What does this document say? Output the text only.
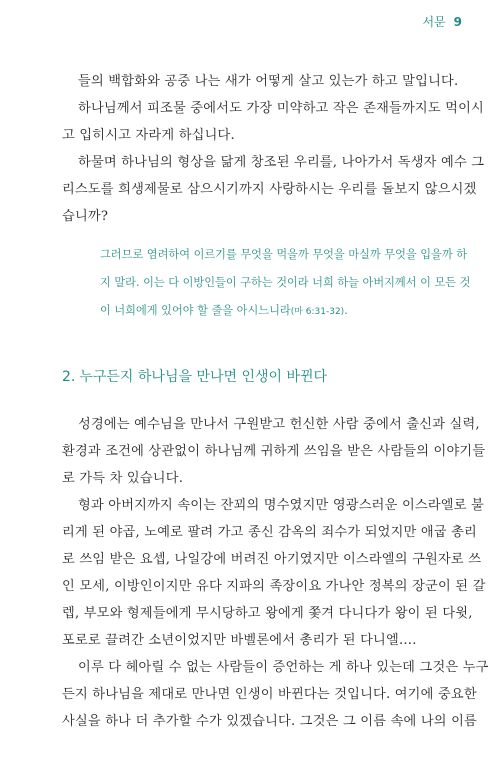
서문 9

들의 백합화와 공중 나는 새가 어떻게 살고 있는가 하고 말입니다.
하나님께서 피조물 중에서도 가장 미약하고 작은 존재들까지도 먹이시
고 입히시고 자라게 하십니다.
하물며 하나님의 형상을 닮게 창조된 우리를, 나아가서 독생자 예수 그
리스도를 희생제물로 삼으시기까지 사랑하시는 우리를 돌보지 않으시겠
습니까?

그러므로 염려하여 이르기를 무엇을 먹을까 무엇을 마실까 무엇을 입을까 하
지 말라. 이는 다 이방인들이 구하는 것이라 너희 하늘 아버지께서 이 모든 것
이 너희에게 있어야 할 줄을 아시느니라(마 6:31-32).

2. 누구든지 하나님을 만나면 인생이 바뀐다

성경에는 예수님을 만나서 구원받고 헌신한 사람 중에서 출신과 실력,
환경과 조건에 상관없이 하나님께 귀하게 쓰임을 받은 사람들의 이야기들
로 가득 차 있습니다.
형과 아버지까지 속이는 잔꾀의 명수였지만 영광스러운 이스라엘로 불
리게 된 야곱, 노예로 팔려 가고 종신 감옥의 죄수가 되었지만 애굽 총리
로 쓰임 받은 요셉, 나일강에 버려진 아기였지만 이스라엘의 구원자로 쓰
인 모세, 이방인이지만 유다 지파의 족장이요 가나안 정복의 장군이 된 갈
렙, 부모와 형제들에게 무시당하고 왕에게 쫓겨 다니다가 왕이 된 다윗,
포로로 끌려간 소년이었지만 바벨론에서 총리가 된 다니엘….

이루 다 헤아릴 수 없는 사람들이 증언하는 게 하나 있는데 그것은 누구
든지 하나님을 제대로 만나면 인생이 바뀐다는 것입니다. 여기에 중요한
사실을 하나 더 추가할 수가 있겠습니다. 그것은 그 이름 속에 나의 이름
